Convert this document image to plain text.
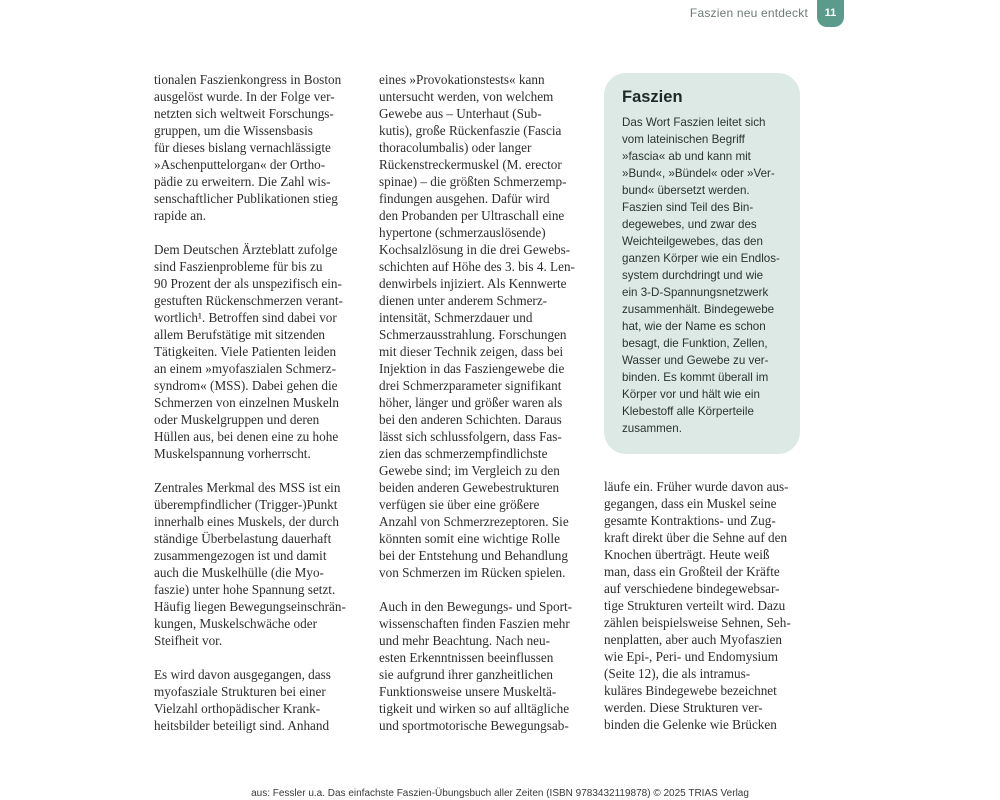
Faszien neu entdeckt	11
tionalen Faszienkongress in Boston
ausgelöst wurde. In der Folge ver-
netzten sich weltweit Forschungs-
gruppen, um die Wissensbasis
für dieses bislang vernachlässigte
»Aschenputtelorgan« der Ortho-
pädie zu erweitern. Die Zahl wis-
senschaftlicher Publikationen stieg
rapide an.
Dem Deutschen Ärzteblatt zufolge
sind Faszienprobleme für bis zu
90 Prozent der als unspezifisch ein-
gestuften Rückenschmerzen verant-
wortlich¹. Betroffen sind dabei vor
allem Berufstätige mit sitzenden
Tätigkeiten. Viele Patienten leiden
an einem »myofaszialen Schmerz-
syndrom« (MSS). Dabei gehen die
Schmerzen von einzelnen Muskeln
oder Muskelgruppen und deren
Hüllen aus, bei denen eine zu hohe
Muskelspannung vorherrscht.
Zentrales Merkmal des MSS ist ein
überempfindlicher (Trigger-)Punkt
innerhalb eines Muskels, der durch
ständige Überbelastung dauerhaft
zusammengezogen ist und damit
auch die Muskelhülle (die Myo-
faszie) unter hohe Spannung setzt.
Häufig liegen Bewegungseinschrän-
kungen, Muskelschwäche oder
Steifheit vor.
Es wird davon ausgegangen, dass
myofasziale Strukturen bei einer
Vielzahl orthopädischer Krank-
heitsbilder beteiligt sind. Anhand
eines »Provokationstests« kann
untersucht werden, von welchem
Gewebe aus – Unterhaut (Sub-
kutis), große Rückenfaszie (Fascia
thoracolumbalis) oder langer
Rückenstreckermuskel (M. erector
spinae) – die größten Schmerzemp-
findungen ausgehen. Dafür wird
den Probanden per Ultraschall eine
hypertone (schmerzauslösende)
Kochsalzlösung in die drei Gewebs-
schichten auf Höhe des 3. bis 4. Len-
denwirbels injiziert. Als Kennwerte
dienen unter anderem Schmerz-
intensität, Schmerzdauer und
Schmerzausstrahlung. Forschungen
mit dieser Technik zeigen, dass bei
Injektion in das Fasziengewebe die
drei Schmerzparameter signifikant
höher, länger und größer waren als
bei den anderen Schichten. Daraus
lässt sich schlussfolgern, dass Fas-
zien das schmerzempfindlichste
Gewebe sind; im Vergleich zu den
beiden anderen Gewebestrukturen
verfügen sie über eine größere
Anzahl von Schmerzrezeptoren. Sie
könnten somit eine wichtige Rolle
bei der Entstehung und Behandlung
von Schmerzen im Rücken spielen.
Auch in den Bewegungs- und Sport-
wissenschaften finden Faszien mehr
und mehr Beachtung. Nach neu-
esten Erkenntnissen beeinflussen
sie aufgrund ihrer ganzheitlichen
Funktionsweise unsere Muskeltä-
tigkeit und wirken so auf alltägliche
und sportmotorische Bewegungsab-
Faszien
Das Wort Faszien leitet sich
vom lateinischen Begriff
»fascia« ab und kann mit
»Bund«, »Bündel« oder »Ver-
bund« übersetzt werden.
Faszien sind Teil des Bin-
degewebes, und zwar des
Weichteilgewebes, das den
ganzen Körper wie ein Endlos-
system durchdringt und wie
ein 3-D-Spannungsnetzwerk
zusammenhält. Bindegewebe
hat, wie der Name es schon
besagt, die Funktion, Zellen,
Wasser und Gewebe zu ver-
binden. Es kommt überall im
Körper vor und hält wie ein
Klebestoff alle Körperteile
zusammen.
läufe ein. Früher wurde davon aus-
gegangen, dass ein Muskel seine
gesamte Kontraktions- und Zug-
kraft direkt über die Sehne auf den
Knochen überträgt. Heute weiß
man, dass ein Großteil der Kräfte
auf verschiedene bindegewebsar-
tige Strukturen verteilt wird. Dazu
zählen beispielsweise Sehnen, Seh-
nenplatten, aber auch Myofaszien
wie Epi-, Peri- und Endomysium
(Seite 12), die als intramus-
kuläres Bindegewebe bezeichnet
werden. Diese Strukturen ver-
binden die Gelenke wie Brücken
aus: Fessler u.a. Das einfachste Faszien-Übungsbuch aller Zeiten (ISBN 9783432119878) © 2025 TRIAS Verlag
